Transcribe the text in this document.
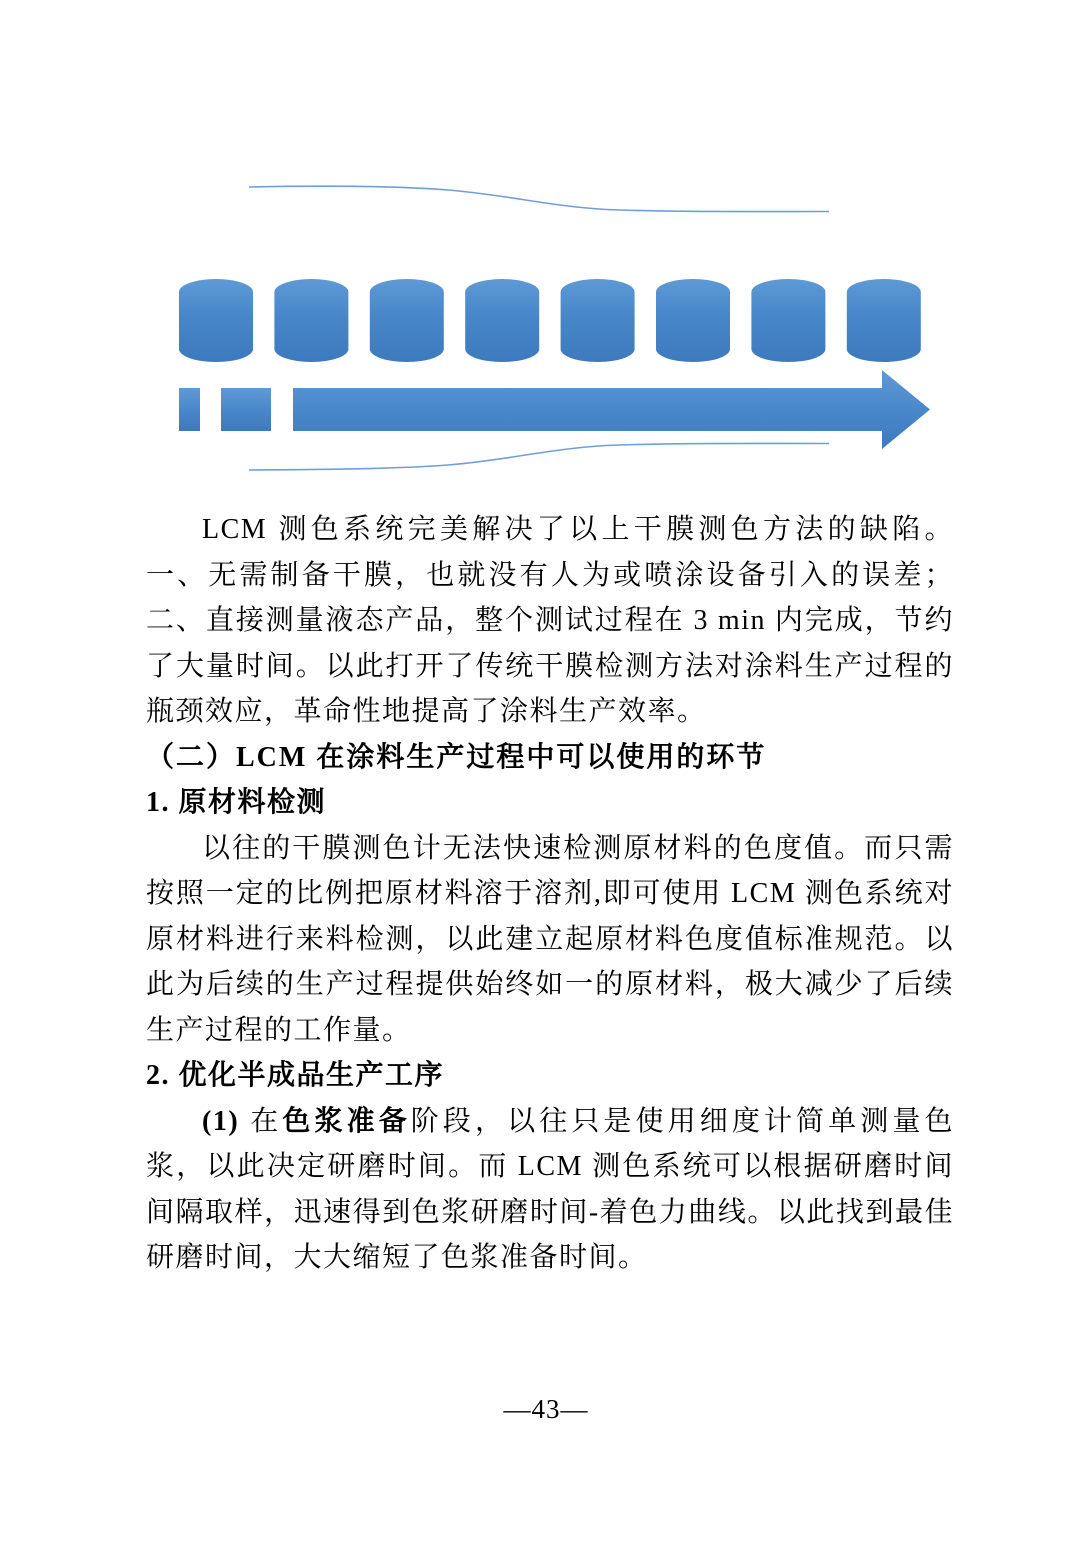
LCM 测色系统完美解决了以上干膜测色方法的缺陷。一、无需制备干膜，也就没有人为或喷涂设备引入的误差；二、直接测量液态产品，整个测试过程在 3 min 内完成，节约了大量时间。以此打开了传统干膜检测方法对涂料生产过程的瓶颈效应，革命性地提高了涂料生产效率。

（二）LCM 在涂料生产过程中可以使用的环节
1. 原材料检测

以往的干膜测色计无法快速检测原材料的色度值。而只需按照一定的比例把原材料溶于溶剂,即可使用 LCM 测色系统对原材料进行来料检测，以此建立起原材料色度值标准规范。以此为后续的生产过程提供始终如一的原材料，极大减少了后续生产过程的工作量。

2. 优化半成品生产工序

(1) 在色浆准备阶段，以往只是使用细度计简单测量色浆，以此决定研磨时间。而 LCM 测色系统可以根据研磨时间间隔取样，迅速得到色浆研磨时间-着色力曲线。以此找到最佳研磨时间，大大缩短了色浆准备时间。

—43—
